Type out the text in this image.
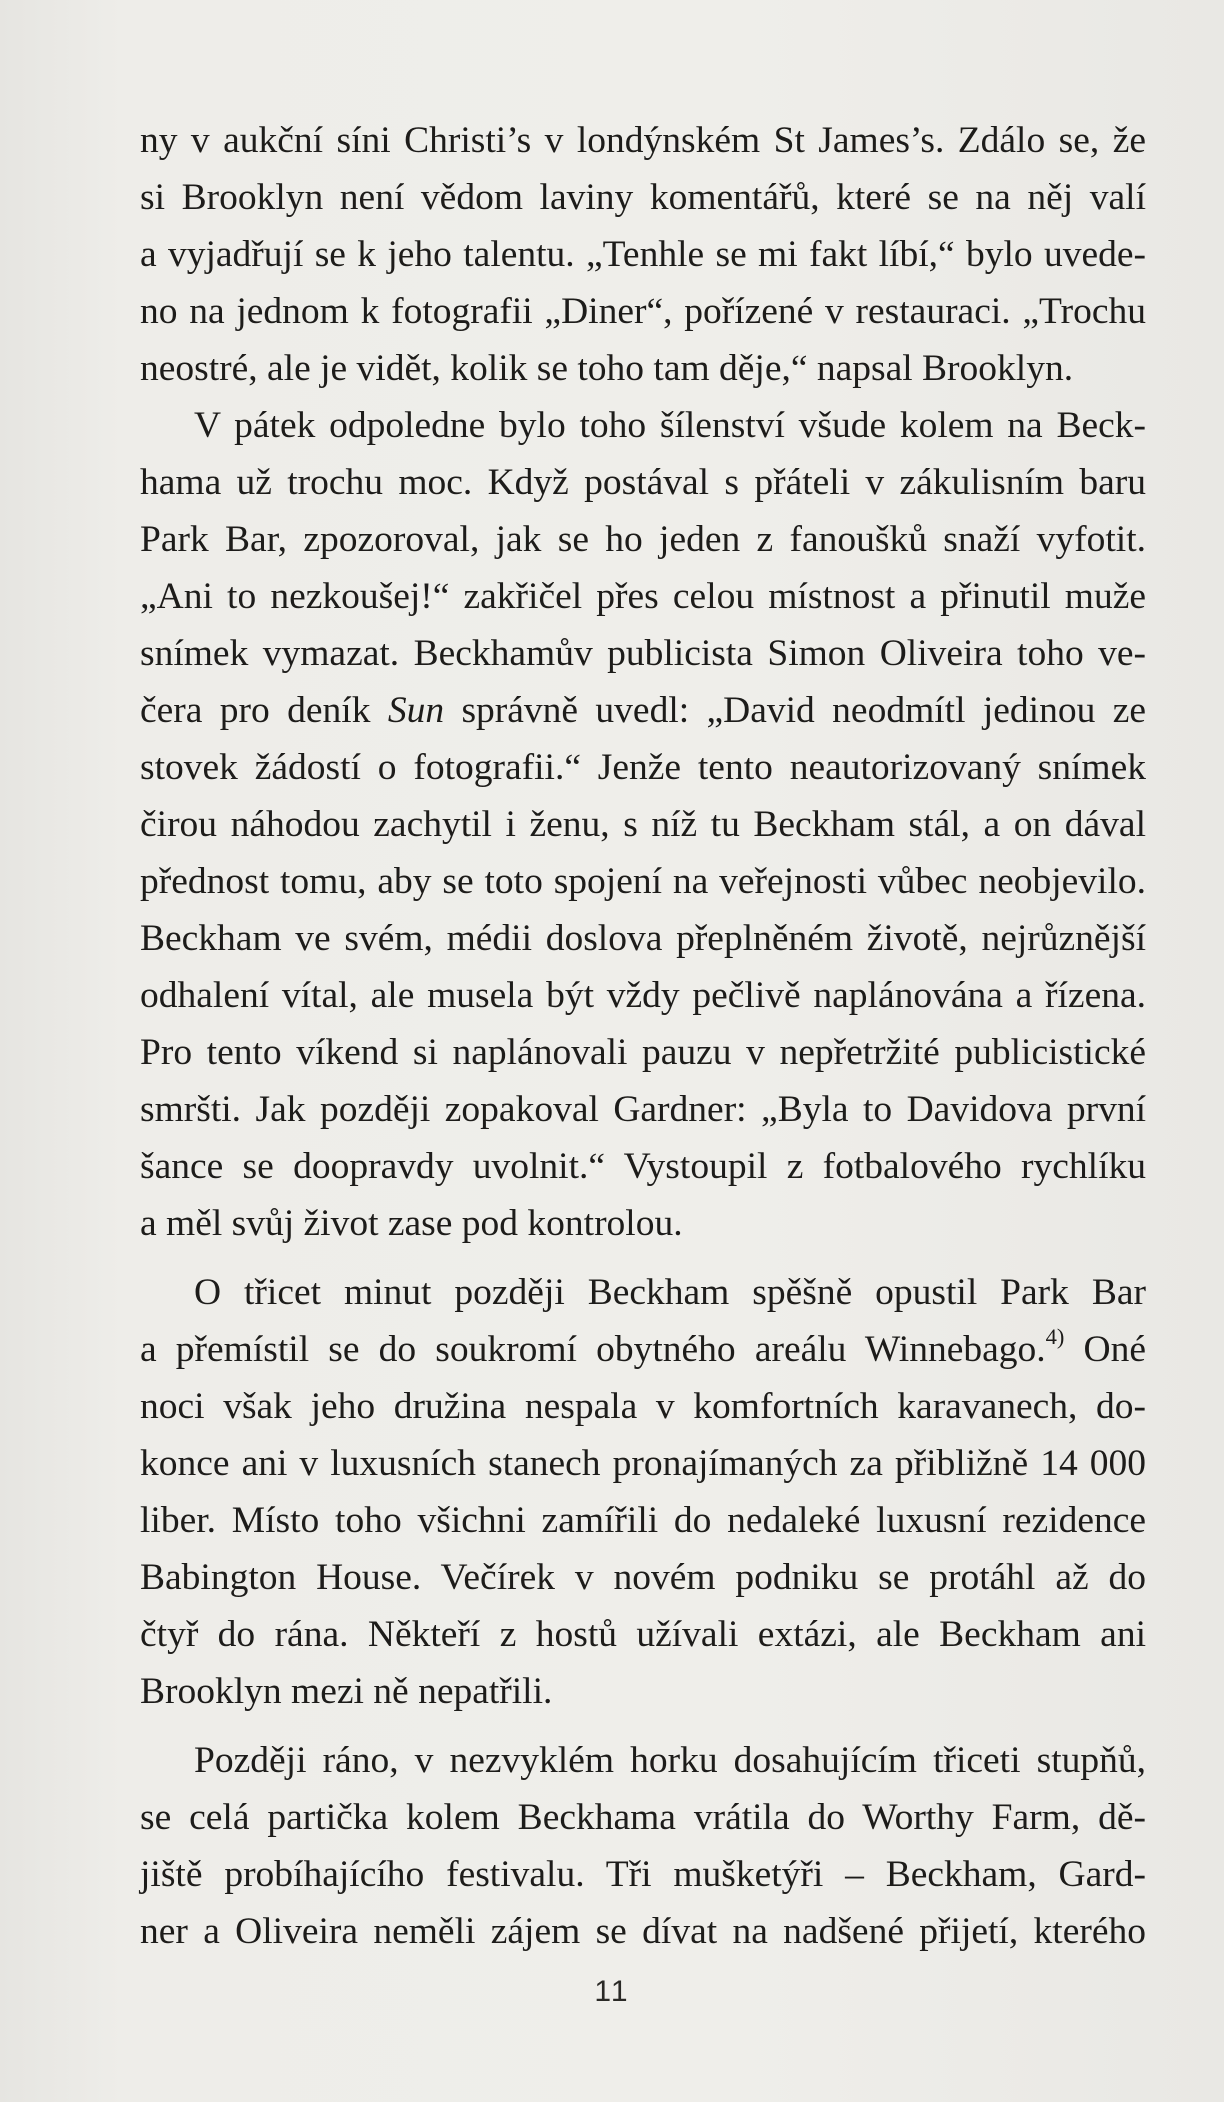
ny v aukční síni Christi’s v londýnském St James’s. Zdálo se, že
si Brooklyn není vědom laviny komentářů, které se na něj valí
a vyjadřují se k jeho talentu. „Tenhle se mi fakt líbí,“ bylo uvede-
no na jednom k fotografii „Diner“, pořízené v restauraci. „Trochu
neostré, ale je vidět, kolik se toho tam děje,“ napsal Brooklyn.
V pátek odpoledne bylo toho šílenství všude kolem na Beck-
hama už trochu moc. Když postával s přáteli v zákulisním baru
Park Bar, zpozoroval, jak se ho jeden z fanoušků snaží vyfotit.
„Ani to nezkoušej!“ zakřičel přes celou místnost a přinutil muže
snímek vymazat. Beckhamův publicista Simon Oliveira toho ve-
čera pro deník Sun správně uvedl: „David neodmítl jedinou ze
stovek žádostí o fotografii.“ Jenže tento neautorizovaný snímek
čirou náhodou zachytil i ženu, s níž tu Beckham stál, a on dával
přednost tomu, aby se toto spojení na veřejnosti vůbec neobjevilo.
Beckham ve svém, médii doslova přeplněném životě, nejrůznější
odhalení vítal, ale musela být vždy pečlivě naplánována a řízena.
Pro tento víkend si naplánovali pauzu v nepřetržité publicistické
smršti. Jak později zopakoval Gardner: „Byla to Davidova první
šance se doopravdy uvolnit.“ Vystoupil z fotbalového rychlíku
a měl svůj život zase pod kontrolou.
O třicet minut později Beckham spěšně opustil Park Bar
a přemístil se do soukromí obytného areálu Winnebago.$^{4)}$ Oné
noci však jeho družina nespala v komfortních karavanech, do-
konce ani v luxusních stanech pronajímaných za přibližně 14 000
liber. Místo toho všichni zamířili do nedaleké luxusní rezidence
Babington House. Večírek v novém podniku se protáhl až do
čtyř do rána. Někteří z hostů užívali extázi, ale Beckham ani
Brooklyn mezi ně nepatřili.
Později ráno, v nezvyklém horku dosahujícím třiceti stupňů,
se celá partička kolem Beckhama vrátila do Worthy Farm, dě-
jiště probíhajícího festivalu. Tři mušketýři – Beckham, Gard-
ner a Oliveira neměli zájem se dívat na nadšené přijetí, kterého
11
